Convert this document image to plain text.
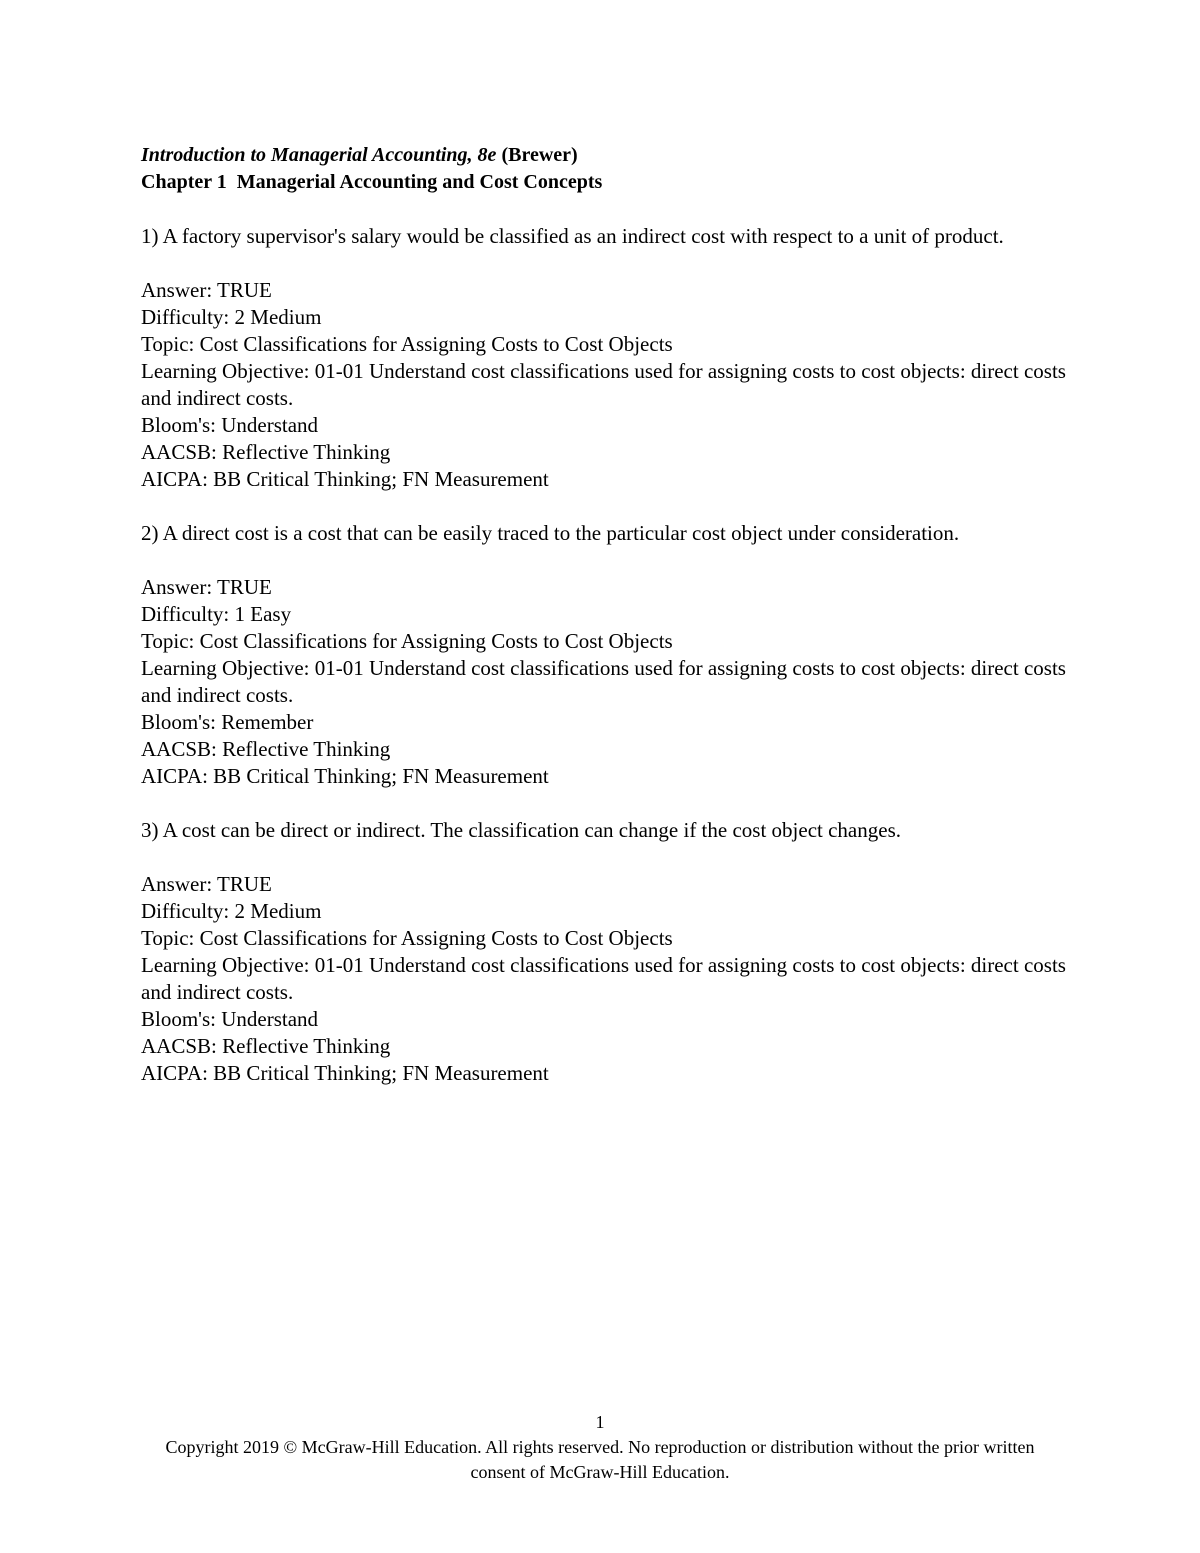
Introduction to Managerial Accounting, 8e (Brewer)
Chapter 1  Managerial Accounting and Cost Concepts

1) A factory supervisor's salary would be classified as an indirect cost with respect to a unit of product.

Answer: TRUE

Difficulty: 2 Medium

Topic: Cost Classifications for Assigning Costs to Cost Objects

Learning Objective: 01-01 Understand cost classifications used for assigning costs to cost objects: direct costs and indirect costs.

Bloom's: Understand

AACSB: Reflective Thinking

AICPA: BB Critical Thinking; FN Measurement

2) A direct cost is a cost that can be easily traced to the particular cost object under consideration.

Answer: TRUE

Difficulty: 1 Easy

Topic: Cost Classifications for Assigning Costs to Cost Objects

Learning Objective: 01-01 Understand cost classifications used for assigning costs to cost objects: direct costs and indirect costs.

Bloom's: Remember

AACSB: Reflective Thinking

AICPA: BB Critical Thinking; FN Measurement

3) A cost can be direct or indirect. The classification can change if the cost object changes.

Answer: TRUE

Difficulty: 2 Medium

Topic: Cost Classifications for Assigning Costs to Cost Objects

Learning Objective: 01-01 Understand cost classifications used for assigning costs to cost objects: direct costs and indirect costs.

Bloom's: Understand

AACSB: Reflective Thinking

AICPA: BB Critical Thinking; FN Measurement

1
Copyright 2019 © McGraw-Hill Education. All rights reserved. No reproduction or distribution without the prior written consent of McGraw-Hill Education.
